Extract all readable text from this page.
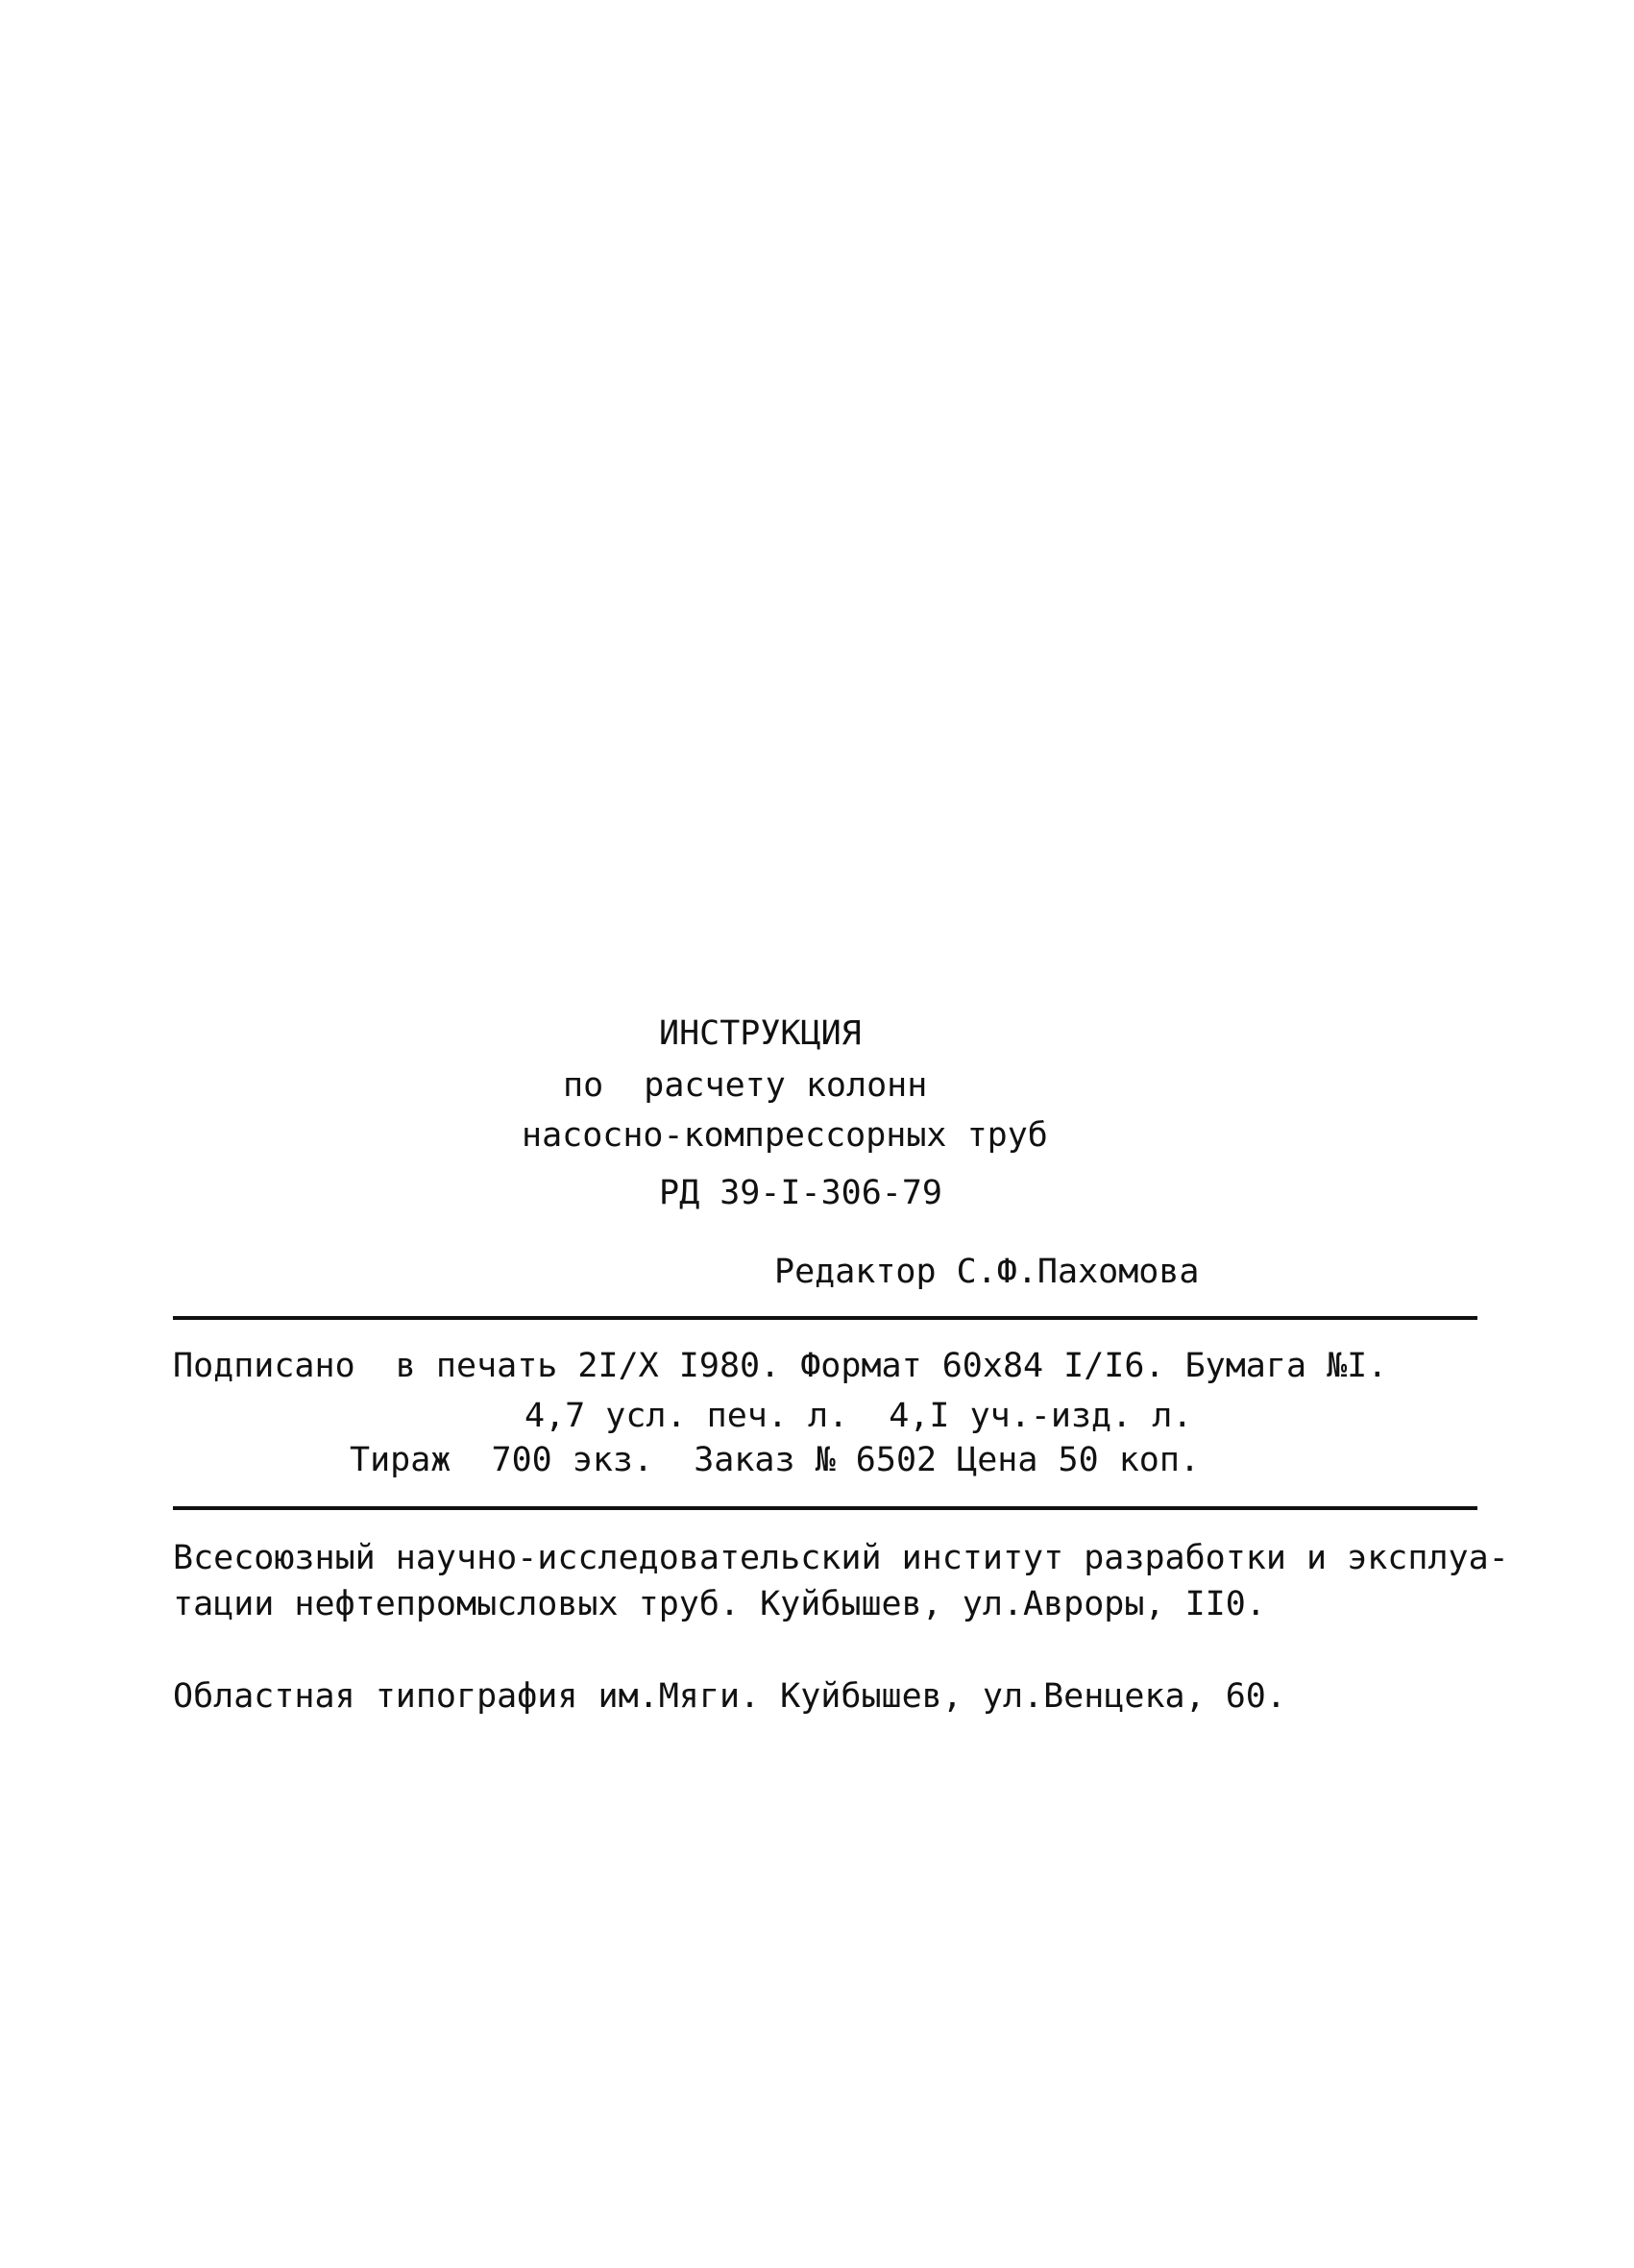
ИНСТРУКЦИЯ
по  расчету колонн
насосно-компрессорных труб
РД 39-I-306-79
Редактор С.Ф.Пахомова
Подписано  в печать 2I/X I980. Формат 60x84 I/I6. Бумага №I.
4,7 усл. печ. л.  4,I уч.-изд. л.
Тираж  700 экз.  Заказ № 6502 Цена 50 коп.
Всесоюзный научно-исследовательский институт разработки и эксплуа-
тации нефтепромысловых труб. Куйбышев, ул.Авроры, II0.
Областная типография им.Мяги. Куйбышев, ул.Венцека, 60.
